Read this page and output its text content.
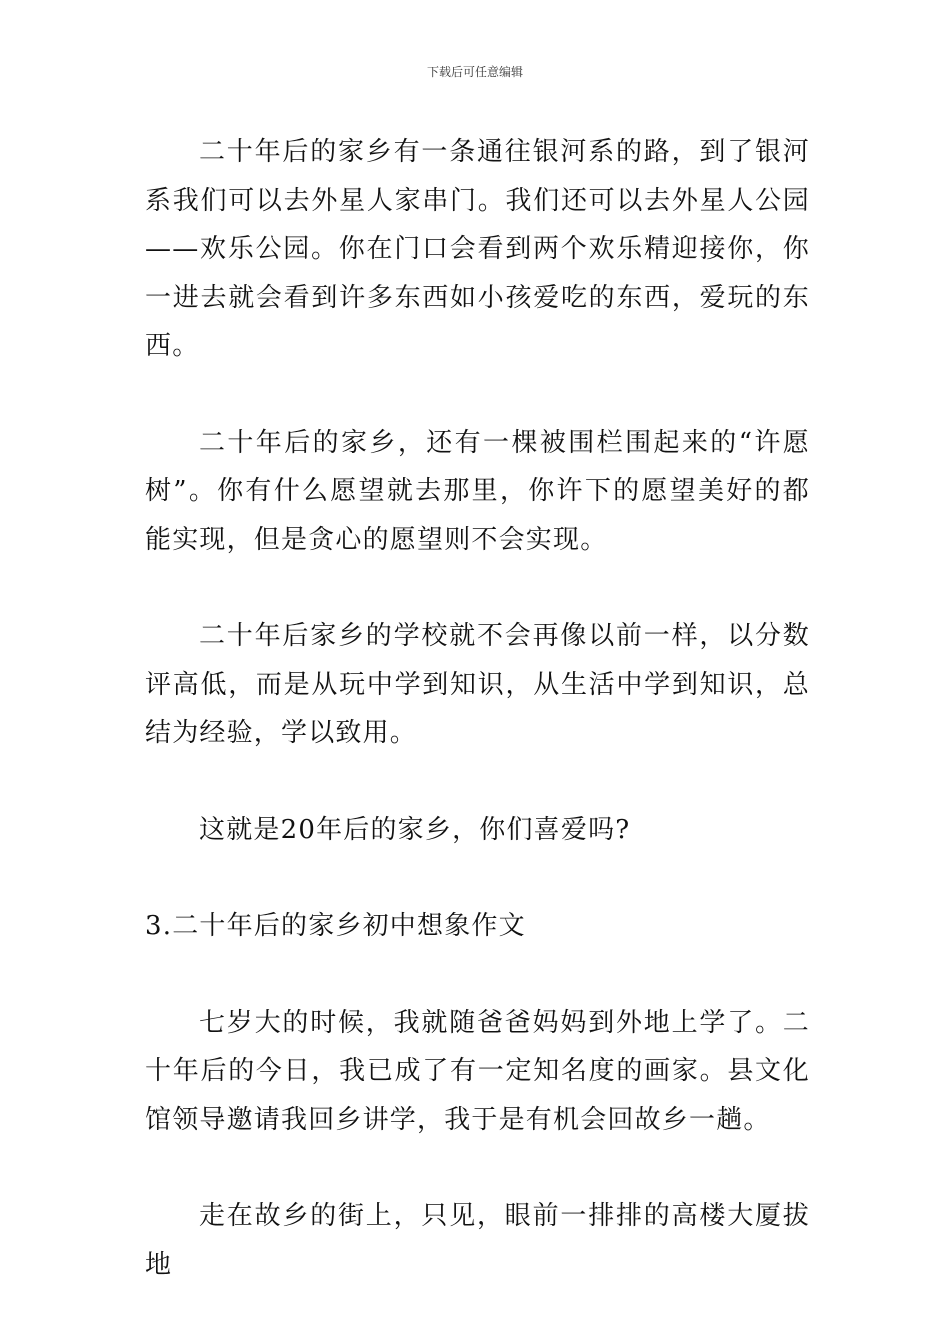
下载后可任意编辑

二十年后的家乡有一条通往银河系的路，到了银河系我们可以去外星人家串门。我们还可以去外星人公园——欢乐公园。你在门口会看到两个欢乐精迎接你，你一进去就会看到许多东西如小孩爱吃的东西，爱玩的东西。

二十年后的家乡，还有一棵被围栏围起来的“许愿树”。你有什么愿望就去那里，你许下的愿望美好的都能实现，但是贪心的愿望则不会实现。

二十年后家乡的学校就不会再像以前一样，以分数评高低，而是从玩中学到知识，从生活中学到知识，总结为经验，学以致用。

这就是20年后的家乡，你们喜爱吗?

3.二十年后的家乡初中想象作文

七岁大的时候，我就随爸爸妈妈到外地上学了。二十年后的今日，我已成了有一定知名度的画家。县文化馆领导邀请我回乡讲学，我于是有机会回故乡一趟。

走在故乡的街上，只见，眼前一排排的高楼大厦拔地
